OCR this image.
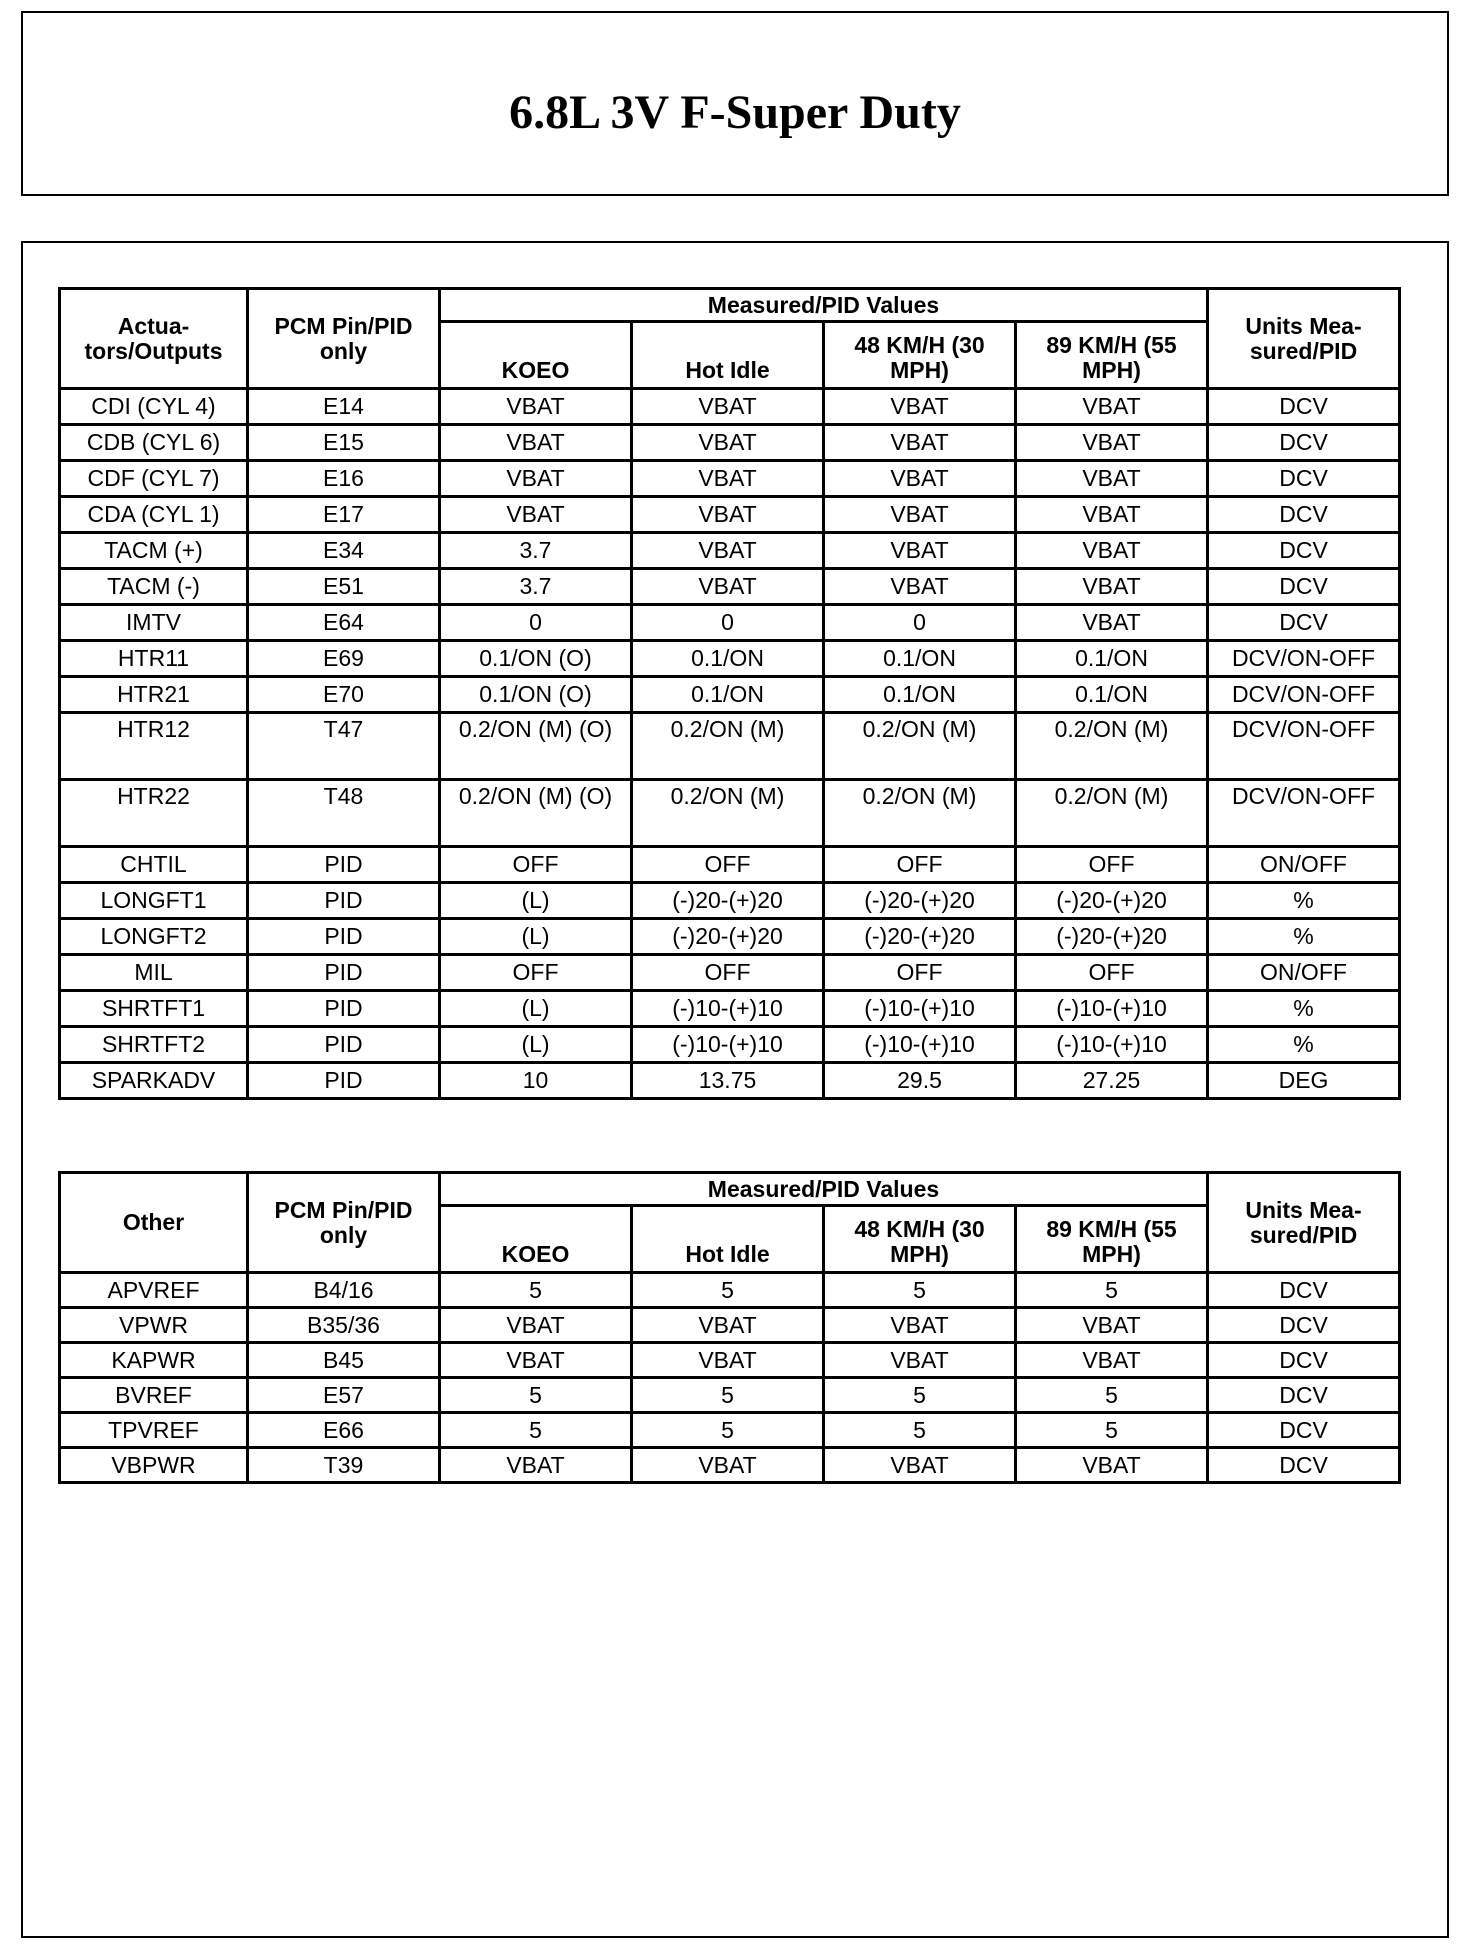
6.8L 3V F-Super Duty
Actua-tors/Outputs	PCM Pin/PID only	Measured/PID Values				Units Mea-sured/PID
		KOEO	Hot Idle	48 KM/H (30 MPH)	89 KM/H (55 MPH)	
CDI (CYL 4)	E14	VBAT	VBAT	VBAT	VBAT	DCV
CDB (CYL 6)	E15	VBAT	VBAT	VBAT	VBAT	DCV
CDF (CYL 7)	E16	VBAT	VBAT	VBAT	VBAT	DCV
CDA (CYL 1)	E17	VBAT	VBAT	VBAT	VBAT	DCV
TACM (+)	E34	3.7	VBAT	VBAT	VBAT	DCV
TACM (-)	E51	3.7	VBAT	VBAT	VBAT	DCV
IMTV	E64	0	0	0	VBAT	DCV
HTR11	E69	0.1/ON (O)	0.1/ON	0.1/ON	0.1/ON	DCV/ON-OFF
HTR21	E70	0.1/ON (O)	0.1/ON	0.1/ON	0.1/ON	DCV/ON-OFF
HTR12	T47	0.2/ON (M) (O)	0.2/ON (M)	0.2/ON (M)	0.2/ON (M)	DCV/ON-OFF
HTR22	T48	0.2/ON (M) (O)	0.2/ON (M)	0.2/ON (M)	0.2/ON (M)	DCV/ON-OFF
CHTIL	PID	OFF	OFF	OFF	OFF	ON/OFF
LONGFT1	PID	(L)	(-)20-(+)20	(-)20-(+)20	(-)20-(+)20	%
LONGFT2	PID	(L)	(-)20-(+)20	(-)20-(+)20	(-)20-(+)20	%
MIL	PID	OFF	OFF	OFF	OFF	ON/OFF
SHRTFT1	PID	(L)	(-)10-(+)10	(-)10-(+)10	(-)10-(+)10	%
SHRTFT2	PID	(L)	(-)10-(+)10	(-)10-(+)10	(-)10-(+)10	%
SPARKADV	PID	10	13.75	29.5	27.25	DEG
Other	PCM Pin/PID only	Measured/PID Values				Units Mea-sured/PID
		KOEO	Hot Idle	48 KM/H (30 MPH)	89 KM/H (55 MPH)	
APVREF	B4/16	5	5	5	5	DCV
VPWR	B35/36	VBAT	VBAT	VBAT	VBAT	DCV
KAPWR	B45	VBAT	VBAT	VBAT	VBAT	DCV
BVREF	E57	5	5	5	5	DCV
TPVREF	E66	5	5	5	5	DCV
VBPWR	T39	VBAT	VBAT	VBAT	VBAT	DCV
